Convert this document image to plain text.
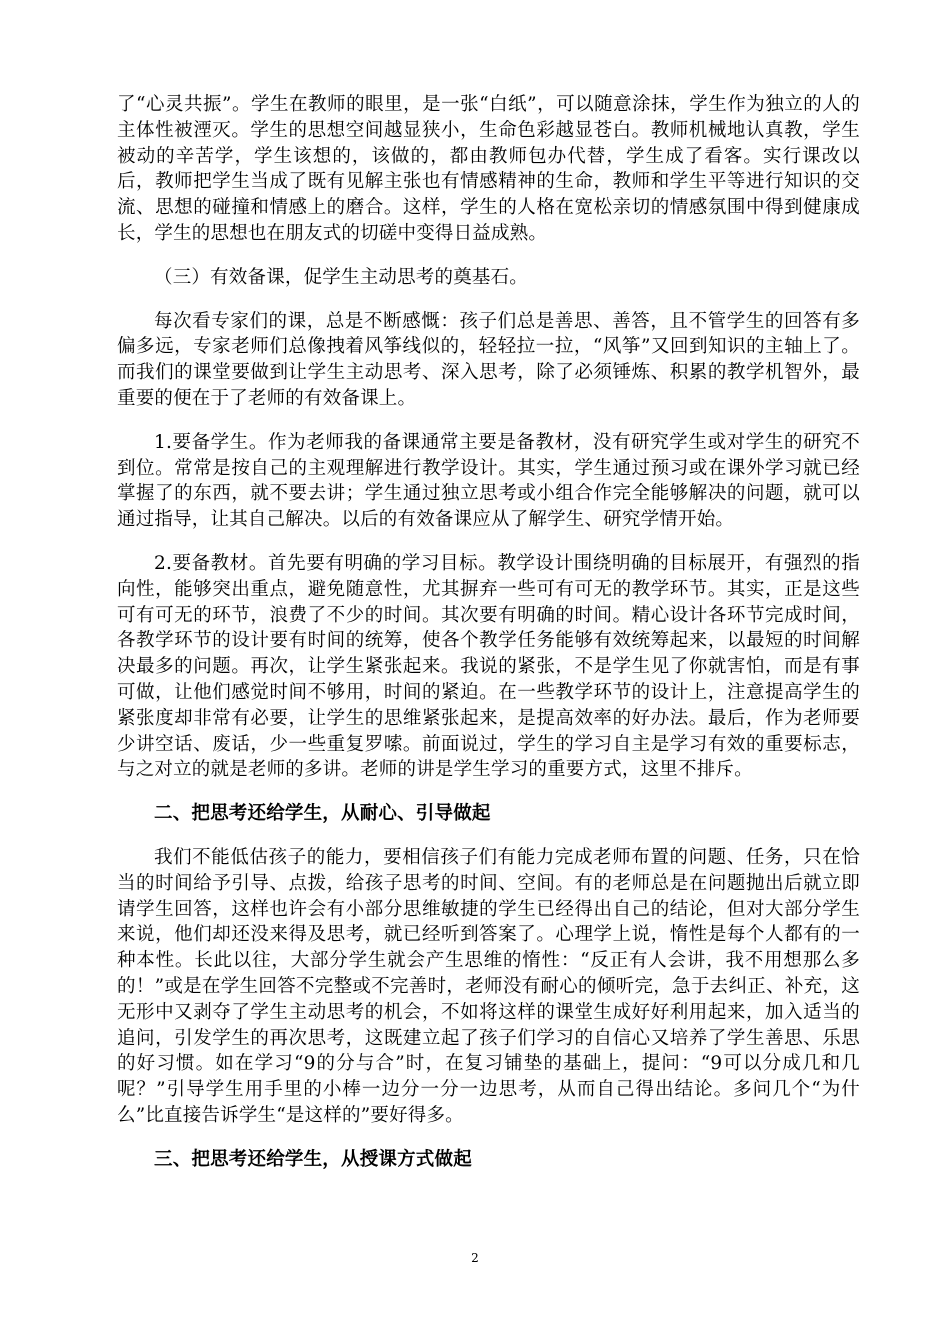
了“心灵共振”。学生在教师的眼里，是一张“白纸”，可以随意涂抹，学生作为独立的人的主体性被湮灭。学生的思想空间越显狭小，生命色彩越显苍白。教师机械地认真教，学生被动的辛苦学，学生该想的，该做的，都由教师包办代替，学生成了看客。实行课改以后，教师把学生当成了既有见解主张也有情感精神的生命，教师和学生平等进行知识的交流、思想的碰撞和情感上的磨合。这样，学生的人格在宽松亲切的情感氛围中得到健康成长，学生的思想也在朋友式的切磋中变得日益成熟。

（三）有效备课，促学生主动思考的奠基石。

每次看专家们的课，总是不断感慨：孩子们总是善思、善答，且不管学生的回答有多偏多远，专家老师们总像拽着风筝线似的，轻轻拉一拉，“风筝”又回到知识的主轴上了。而我们的课堂要做到让学生主动思考、深入思考，除了必须锤炼、积累的教学机智外，最重要的便在于了老师的有效备课上。

1.要备学生。作为老师我的备课通常主要是备教材，没有研究学生或对学生的研究不到位。常常是按自己的主观理解进行教学设计。其实，学生通过预习或在课外学习就已经掌握了的东西，就不要去讲；学生通过独立思考或小组合作完全能够解决的问题，就可以通过指导，让其自己解决。以后的有效备课应从了解学生、研究学情开始。

2.要备教材。首先要有明确的学习目标。教学设计围绕明确的目标展开，有强烈的指向性，能够突出重点，避免随意性，尤其摒弃一些可有可无的教学环节。其实，正是这些可有可无的环节，浪费了不少的时间。其次要有明确的时间。精心设计各环节完成时间，各教学环节的设计要有时间的统筹，使各个教学任务能够有效统筹起来，以最短的时间解决最多的问题。再次，让学生紧张起来。我说的紧张，不是学生见了你就害怕，而是有事可做，让他们感觉时间不够用，时间的紧迫。在一些教学环节的设计上，注意提高学生的紧张度却非常有必要，让学生的思维紧张起来，是提高效率的好办法。最后，作为老师要少讲空话、废话，少一些重复罗嗦。前面说过，学生的学习自主是学习有效的重要标志，与之对立的就是老师的多讲。老师的讲是学生学习的重要方式，这里不排斥。

二、把思考还给学生，从耐心、引导做起

我们不能低估孩子的能力，要相信孩子们有能力完成老师布置的问题、任务，只在恰当的时间给予引导、点拨，给孩子思考的时间、空间。有的老师总是在问题抛出后就立即请学生回答，这样也许会有小部分思维敏捷的学生已经得出自己的结论，但对大部分学生来说，他们却还没来得及思考，就已经听到答案了。心理学上说，惰性是每个人都有的一种本性。长此以往，大部分学生就会产生思维的惰性：“反正有人会讲，我不用想那么多的！”或是在学生回答不完整或不完善时，老师没有耐心的倾听完，急于去纠正、补充，这无形中又剥夺了学生主动思考的机会，不如将这样的课堂生成好好利用起来，加入适当的追问，引发学生的再次思考，这既建立起了孩子们学习的自信心又培养了学生善思、乐思的好习惯。如在学习“9的分与合”时，在复习铺垫的基础上，提问：“9可以分成几和几呢？”引导学生用手里的小棒一边分一分一边思考，从而自己得出结论。多问几个“为什么”比直接告诉学生“是这样的”要好得多。

三、把思考还给学生，从授课方式做起

2
